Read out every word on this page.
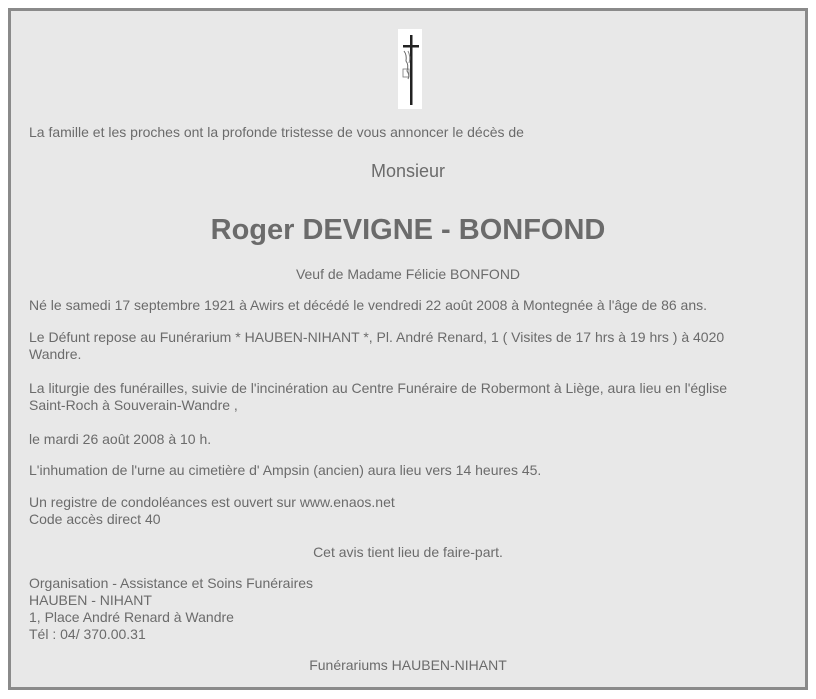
La famille et les proches ont la profonde tristesse de vous annoncer le décès de

Monsieur
Roger DEVIGNE - BONFOND

Veuf de Madame Félicie BONFOND

Né le samedi 17 septembre 1921 à Awirs et décédé le vendredi 22 août 2008 à Montegnée à l'âge de 86 ans.

Le Défunt repose au Funérarium * HAUBEN-NIHANT *, Pl. André Renard, 1 ( Visites de 17 hrs à 19 hrs ) à 4020
Wandre.

La liturgie des funérailles, suivie de l'incinération au Centre Funéraire de Robermont à Liège, aura lieu en l'église
Saint-Roch à Souverain-Wandre ,

le mardi 26 août 2008 à 10 h.

L'inhumation de l'urne au cimetière d' Ampsin (ancien) aura lieu vers 14 heures 45.

Un registre de condoléances est ouvert sur www.enaos.net
Code accès direct 40

Cet avis tient lieu de faire-part.

Organisation - Assistance et Soins Funéraires
HAUBEN - NIHANT
1, Place André Renard à Wandre
Tél : 04/ 370.00.31

Funérariums HAUBEN-NIHANT
